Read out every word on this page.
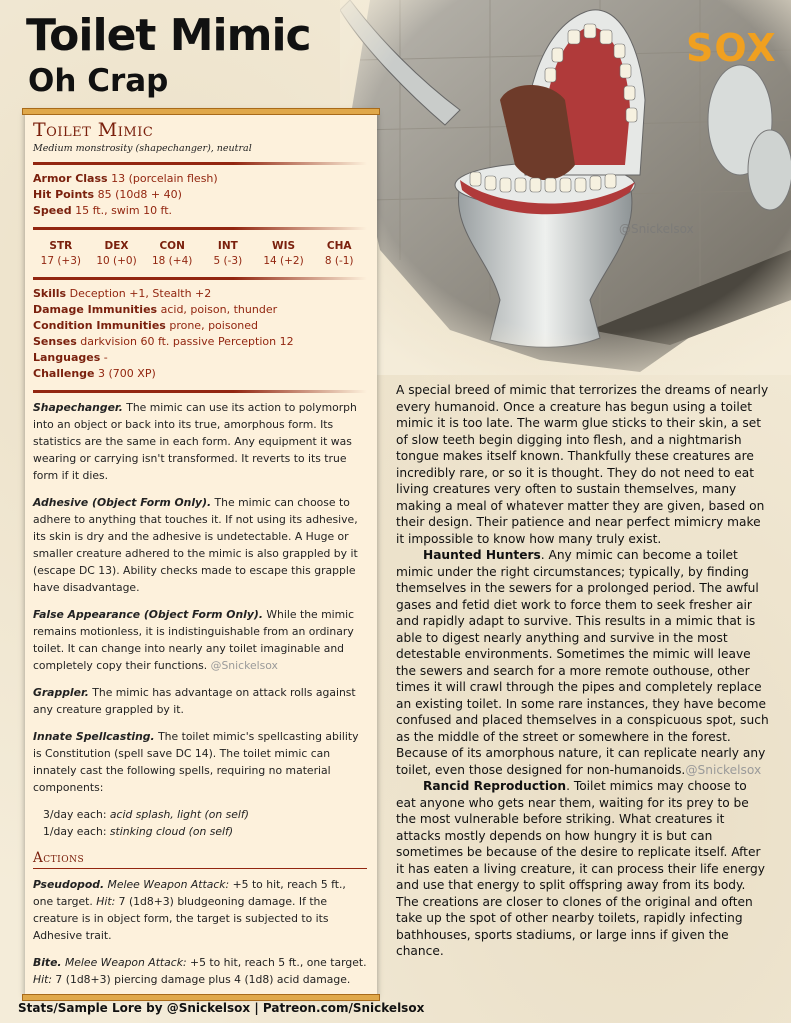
Toilet Mimic
Oh Crap
@Snickelsox
SOX
Toilet Mimic
Medium monstrosity (shapechanger), neutral
Armor Class 13 (porcelain flesh)
Hit Points 85 (10d8 + 40)
Speed 15 ft., swim 10 ft.
STR
17 (+3)
DEX
10 (+0)
CON
18 (+4)
INT
5 (-3)
WIS
14 (+2)
CHA
8 (-1)
Skills Deception +1, Stealth +2
Damage Immunities acid, poison, thunder
Condition Immunities prone, poisoned
Senses darkvision 60 ft. passive Perception 12
Languages -
Challenge 3 (700 XP)

Shapechanger. The mimic can use its action to polymorph into an object or back into its true, amorphous form. Its statistics are the same in each form. Any equipment it was wearing or carrying isn't transformed. It reverts to its true form if it dies.

Adhesive (Object Form Only). The mimic can choose to adhere to anything that touches it. If not using its adhesive, its skin is dry and the adhesive is undetectable. A Huge or smaller creature adhered to the mimic is also grappled by it (escape DC 13). Ability checks made to escape this grapple have disadvantage.

False Appearance (Object Form Only). While the mimic remains motionless, it is indistinguishable from an ordinary toilet. It can change into nearly any toilet imaginable and completely copy their functions. @Snickelsox

Grappler. The mimic has advantage on attack rolls against any creature grappled by it.

Innate Spellcasting. The toilet mimic's spellcasting ability is Constitution (spell save DC 14). The toilet mimic can innately cast the following spells, requiring no material components:

3/day each: acid splash, light (on self)
1/day each: stinking cloud (on self)
Actions

Pseudopod. Melee Weapon Attack: +5 to hit, reach 5 ft., one target. Hit: 7 (1d8+3) bludgeoning damage. If the creature is in object form, the target is subjected to its Adhesive trait.

Bite. Melee Weapon Attack: +5 to hit, reach 5 ft., one target. Hit: 7 (1d8+3) piercing damage plus 4 (1d8) acid damage.

A special breed of mimic that terrorizes the dreams of nearly every humanoid. Once a creature has begun using a toilet mimic it is too late. The warm glue sticks to their skin, a set of slow teeth begin digging into flesh, and a nightmarish tongue makes itself known. Thankfully these creatures are incredibly rare, or so it is thought. They do not need to eat living creatures very often to sustain themselves, many making a meal of whatever matter they are given, based on their design. Their patience and near perfect mimicry make it impossible to know how many truly exist.

Haunted Hunters. Any mimic can become a toilet mimic under the right circumstances; typically, by finding themselves in the sewers for a prolonged period. The awful gases and fetid diet work to force them to seek fresher air and rapidly adapt to survive. This results in a mimic that is able to digest nearly anything and survive in the most detestable environments. Sometimes the mimic will leave the sewers and search for a more remote outhouse, other times it will crawl through the pipes and completely replace an existing toilet. In some rare instances, they have become confused and placed themselves in a conspicuous spot, such as the middle of the street or somewhere in the forest. Because of its amorphous nature, it can replicate nearly any toilet, even those designed for non-humanoids.@Snickelsox

Rancid Reproduction. Toilet mimics may choose to eat anyone who gets near them, waiting for its prey to be the most vulnerable before striking. What creatures it attacks mostly depends on how hungry it is but can sometimes be because of the desire to replicate itself. After it has eaten a living creature, it can process their life energy and use that energy to split offspring away from its body. The creations are closer to clones of the original and often take up the spot of other nearby toilets, rapidly infecting bathhouses, sports stadiums, or large inns if given the chance.

Stats/Sample Lore by @Snickelsox | Patreon.com/Snickelsox
